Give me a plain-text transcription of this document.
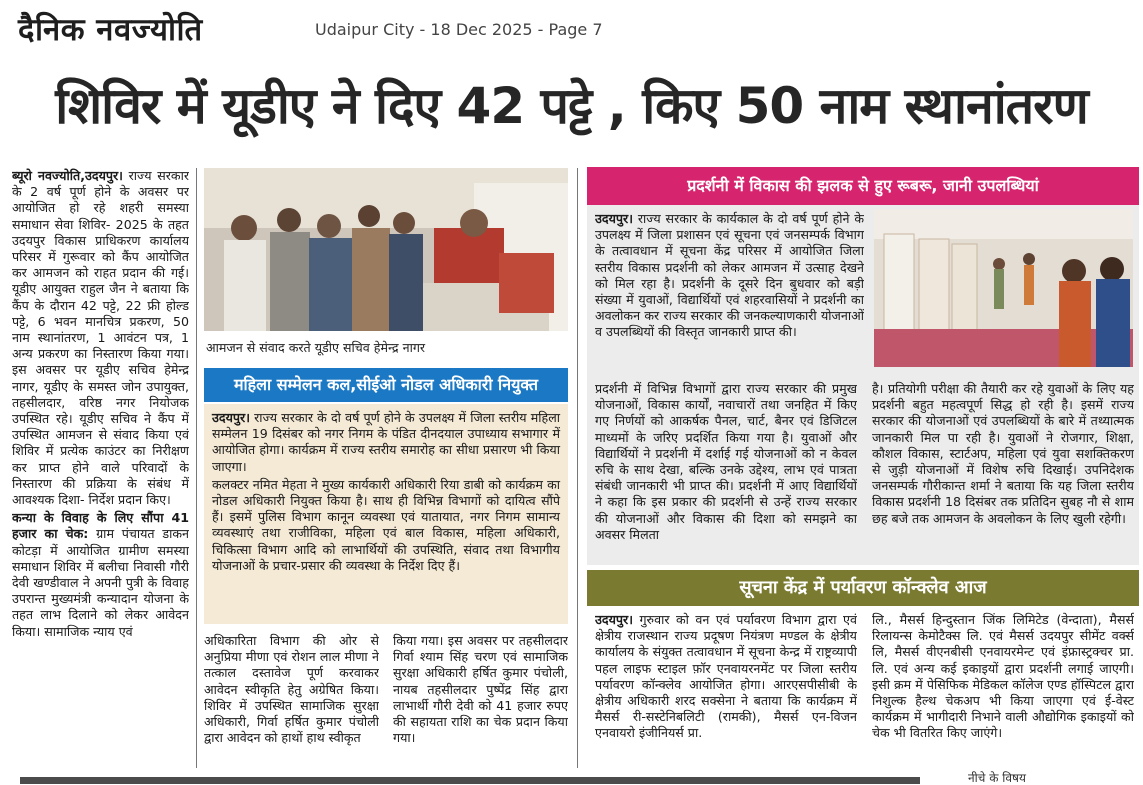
दैनिक नवज्योति	Udaipur City - 18 Dec 2025 - Page 7
शिविर में यूडीए ने दिए 42 पट्टे , किए 50 नाम स्थानांतरण

ब्यूरो नवज्योति,उदयपुर। राज्य सरकार के 2 वर्ष पूर्ण होने के अवसर पर आयोजित हो रहे शहरी समस्या समाधान सेवा शिविर- 2025 के तहत उदयपुर विकास प्राधिकरण कार्यालय परिसर में गुरूवार को कैंप आयोजित कर आमजन को राहत प्रदान की गई। यूडीए आयुक्त राहुल जैन ने बताया कि कैंप के दौरान 42 पट्टे, 22 फ्री होल्ड पट्टे, 6 भवन मानचित्र प्रकरण, 50 नाम स्थानांतरण, 1 आवंटन पत्र, 1 अन्य प्रकरण का निस्तारण किया गया। इस अवसर पर यूडीए सचिव हेमेन्द्र नागर, यूडीए के समस्त जोन उपायुक्त, तहसीलदार, वरिष्ठ नगर नियोजक उपस्थित रहे। यूडीए सचिव ने कैंप में उपस्थित आमजन से संवाद किया एवं शिविर में प्रत्येक काउंटर का निरीक्षण कर प्राप्त होने वाले परिवादों के निस्तारण की प्रक्रिया के संबंध में आवश्यक दिशा- निर्देश प्रदान किए।

कन्या के विवाह के लिए सौंपा 41 हजार का चेक: ग्राम पंचायत डाकन कोटड़ा में आयोजित ग्रामीण समस्या समाधान शिविर में बलीचा निवासी गौरी देवी खण्डीवाल ने अपनी पुत्री के विवाह उपरान्त मुख्यमंत्री कन्यादान योजना के तहत लाभ दिलाने को लेकर आवेदन किया। सामाजिक न्याय एवं

आमजन से संवाद करते यूडीए सचिव हेमेन्द्र नागर
महिला सम्मेलन कल,सीईओ नोडल अधिकारी नियुक्त

उदयपुर। राज्य सरकार के दो वर्ष पूर्ण होने के उपलक्ष्य में जिला स्तरीय महिला सम्मेलन 19 दिसंबर को नगर निगम के पंडित दीनदयाल उपाध्याय सभागार में आयोजित होगा। कार्यक्रम में राज्य स्तरीय समारोह का सीधा प्रसारण भी किया जाएगा।

कलक्टर नमित मेहता ने मुख्य कार्यकारी अधिकारी रिया डाबी को कार्यक्रम का नोडल अधिकारी नियुक्त किया है। साथ ही विभिन्न विभागों को दायित्व सौंपे हैं। इसमें पुलिस विभाग कानून व्यवस्था एवं यातायात, नगर निगम सामान्य व्यवस्थाएं तथा राजीविका, महिला एवं बाल विकास, महिला अधिकारी, चिकित्सा विभाग आदि को लाभार्थियों की उपस्थिति, संवाद तथा विभागीय योजनाओं के प्रचार-प्रसार की व्यवस्था के निर्देश दिए हैं।

अधिकारिता विभाग की ओर से अनुप्रिया मीणा एवं रोशन लाल मीणा ने तत्काल दस्तावेज पूर्ण करवाकर आवेदन स्वीकृति हेतु अग्रेषित किया। शिविर में उपस्थित सामाजिक सुरक्षा अधिकारी, गिर्वा हर्षित कुमार पंचोली द्वारा आवेदन को हाथों हाथ स्वीकृत
किया गया। इस अवसर पर तहसीलदार गिर्वा श्याम सिंह चरण एवं सामाजिक सुरक्षा अधिकारी हर्षित कुमार पंचोली, नायब तहसीलदार पुष्पेंद्र सिंह द्वारा लाभार्थी गौरी देवी को 41 हजार रुपए की सहायता राशि का चेक प्रदान किया गया।
प्रदर्शनी में विकास की झलक से हुए रूबरू, जानी उपलब्धियां

उदयपुर। राज्य सरकार के कार्यकाल के दो वर्ष पूर्ण होने के उपलक्ष्य में जिला प्रशासन एवं सूचना एवं जनसम्पर्क विभाग के तत्वावधान में सूचना केंद्र परिसर में आयोजित जिला स्तरीय विकास प्रदर्शनी को लेकर आमजन में उत्साह देखने को मिल रहा है। प्रदर्शनी के दूसरे दिन बुधवार को बड़ी संख्या में युवाओं, विद्यार्थियों एवं शहरवासियों ने प्रदर्शनी का अवलोकन कर राज्य सरकार की जनकल्याणकारी योजनाओं व उपलब्धियों की विस्तृत जानकारी प्राप्त की।

प्रदर्शनी में विभिन्न विभागों द्वारा राज्य सरकार की प्रमुख योजनाओं, विकास कार्यों, नवाचारों तथा जनहित में किए गए निर्णयों को आकर्षक पैनल, चार्ट, बैनर एवं डिजिटल माध्यमों के जरिए प्रदर्शित किया गया है। युवाओं और विद्यार्थियों ने प्रदर्शनी में दर्शाई गई योजनाओं को न केवल रुचि के साथ देखा, बल्कि उनके उद्देश्य, लाभ एवं पात्रता संबंधी जानकारी भी प्राप्त की। प्रदर्शनी में आए विद्यार्थियों ने कहा कि इस प्रकार की प्रदर्शनी से उन्हें राज्य सरकार की योजनाओं और विकास की दिशा को समझने का अवसर मिलता
है। प्रतियोगी परीक्षा की तैयारी कर रहे युवाओं के लिए यह प्रदर्शनी बहुत महत्वपूर्ण सिद्ध हो रही है। इसमें राज्य सरकार की योजनाओं एवं उपलब्धियों के बारे में तथ्यात्मक जानकारी मिल पा रही है। युवाओं ने रोजगार, शिक्षा, कौशल विकास, स्टार्टअप, महिला एवं युवा सशक्तिकरण से जुड़ी योजनाओं में विशेष रुचि दिखाई। उपनिदेशक जनसम्पर्क गौरीकान्त शर्मा ने बताया कि यह जिला स्तरीय विकास प्रदर्शनी 18 दिसंबर तक प्रतिदिन सुबह नौ से शाम छह बजे तक आमजन के अवलोकन के लिए खुली रहेगी।
सूचना केंद्र में पर्यावरण कॉन्क्लेव आज

उदयपुर। गुरुवार को वन एवं पर्यावरण विभाग द्वारा एवं क्षेत्रीय राजस्थान राज्य प्रदूषण नियंत्रण मण्डल के क्षेत्रीय कार्यालय के संयुक्त तत्वावधान में सूचना केन्द्र में राष्ट्रव्यापी पहल लाइफ स्टाइल फ़ॉर एनवायरनमेंट पर जिला स्तरीय पर्यावरण कॉन्क्लेव आयोजित होगा। आरएसपीसीबी के क्षेत्रीय अधिकारी शरद सक्सेना ने बताया कि कार्यक्रम में मैसर्स री-सस्टेनिबलिटी (रामकी), मैसर्स एन-विजन एनवायरो इंजीनियर्स प्रा.

लि., मैसर्स हिन्दुस्तान जिंक लिमिटेड (वेन्दाता), मैसर्स रिलायन्स केमोटैक्स लि. एवं मैसर्स उदयपुर सीमेंट वर्क्स लि, मैसर्स वीएनबीसी एनवायरमेन्ट एवं इंफ्रास्ट्रक्चर प्रा. लि. एवं अन्य कई इकाइयों द्वारा प्रदर्शनी लगाई जाएगी। इसी क्रम में पेसिफिक मेडिकल कॉलेज एण्ड हॉस्पिटल द्वारा निशुल्क हैल्थ चेकअप भी किया जाएगा एवं ई-वेस्ट कार्यक्रम में भागीदारी निभाने वाली औद्योगिक इकाइयों को चेक भी वितरित किए जाएंगे।
नीचे के विषय
